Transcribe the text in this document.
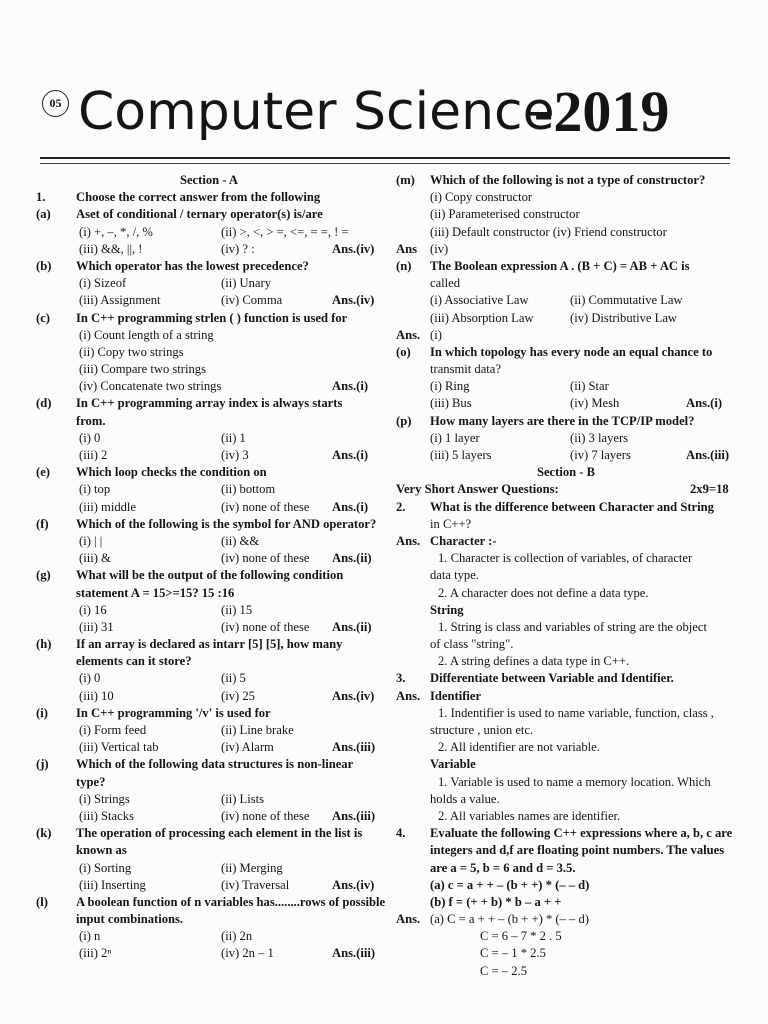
05 Computer Science
-2019
Section - A
1. Choose the correct answer from the following
(a) Aset of conditional / ternary operator(s) is/are
(i) +, –, *, /, %	(ii) >, <, > =, <=, = =, ! =
(iii) &&, ||, !	(iv) ? :	Ans.(iv)
(b) Which operator has the lowest precedence?
(i) Sizeof	(ii) Unary
(iii) Assignment	(iv) Comma	Ans.(iv)
(c) In C++ programming strlen ( ) function is used for
(i) Count length of a string
(ii) Copy two strings
(iii) Compare two strings
(iv) Concatenate two strings	Ans.(i)
(d) In C++ programming array index is always starts
from.
(i) 0	(ii) 1
(iii) 2	(iv) 3	Ans.(i)
(e) Which loop checks the condition on
(i) top	(ii) bottom
(iii) middle	(iv) none of these Ans.(i)
(f) Which of the following is the symbol for AND operator?
(i) | |	(ii) &&
(iii) &	(iv) none of these Ans.(ii)
(g) What will be the output of the following condition
statement A = 15>=15? 15 :16
(i) 16	(ii) 15
(iii) 31	(iv) none of these Ans.(ii)
(h) If an array is declared as intarr [5] [5], how many
elements can it store?
(i) 0	(ii) 5
(iii) 10	(iv) 25	Ans.(iv)
(i) In C++ programming '/v' is used for
(i) Form feed	(ii) Line brake
(iii) Vertical tab	(iv) Alarm	Ans.(iii)
(j) Which of the following data structures is non-linear
type?
(i) Strings	(ii) Lists
(iii) Stacks	(iv) none of these Ans.(iii)
(k) The operation of processing each element in the list is
known as
(i) Sorting	(ii) Merging
(iii) Inserting	(iv) Traversal	Ans.(iv)
(l) A boolean function of n variables has........rows of possible
input combinations.
(i) n	(ii) 2n
(iii) 2ⁿ	(iv) 2n – 1	Ans.(iii)
(m) Which of the following is not a type of constructor?
(i) Copy constructor
(ii) Parameterised constructor
(iii) Default constructor (iv) Friend constructor
Ans (iv)
(n) The Boolean expression A . (B + C) = AB + AC is
called
(i) Associative Law	(ii) Commutative Law
(iii) Absorption Law	(iv) Distributive Law
Ans. (i)
(o) In which topology has every node an equal chance to
transmit data?
(i) Ring	(ii) Star
(iii) Bus	(iv) Mesh	Ans.(i)
(p) How many layers are there in the TCP/IP model?
(i) 1 layer	(ii) 3 layers
(iii) 5 layers	(iv) 7 layers	Ans.(iii)
Section - B
Very Short Answer Questions:	2x9=18
2. What is the difference between Character and String
in C++?
Ans. Character :-
1. Character is collection of variables, of character
data type.
2. A character does not define a data type.
String
1. String is class and variables of string are the object
of class "string".
2. A string defines a data type in C++.
3. Differentiate between Variable and Identifier.
Ans. Identifier
1. Indentifier is used to name variable, function, class ,
structure , union etc.
2. All identifier are not variable.
Variable
1. Variable is used to name a memory location. Which
holds a value.
2. All variables names are identifier.
4. Evaluate the following C++ expressions where a, b, c are
integers and d,f are floating point numbers. The values
are a = 5, b = 6 and d = 3.5.
(a) c = a + + – (b + +) * (– – d)
(b) f = (+ + b) * b – a + +
Ans. (a) C = a + + – (b + +) * (– – d)
C = 6 – 7 * 2 . 5
C = – 1 * 2.5
C = – 2.5
